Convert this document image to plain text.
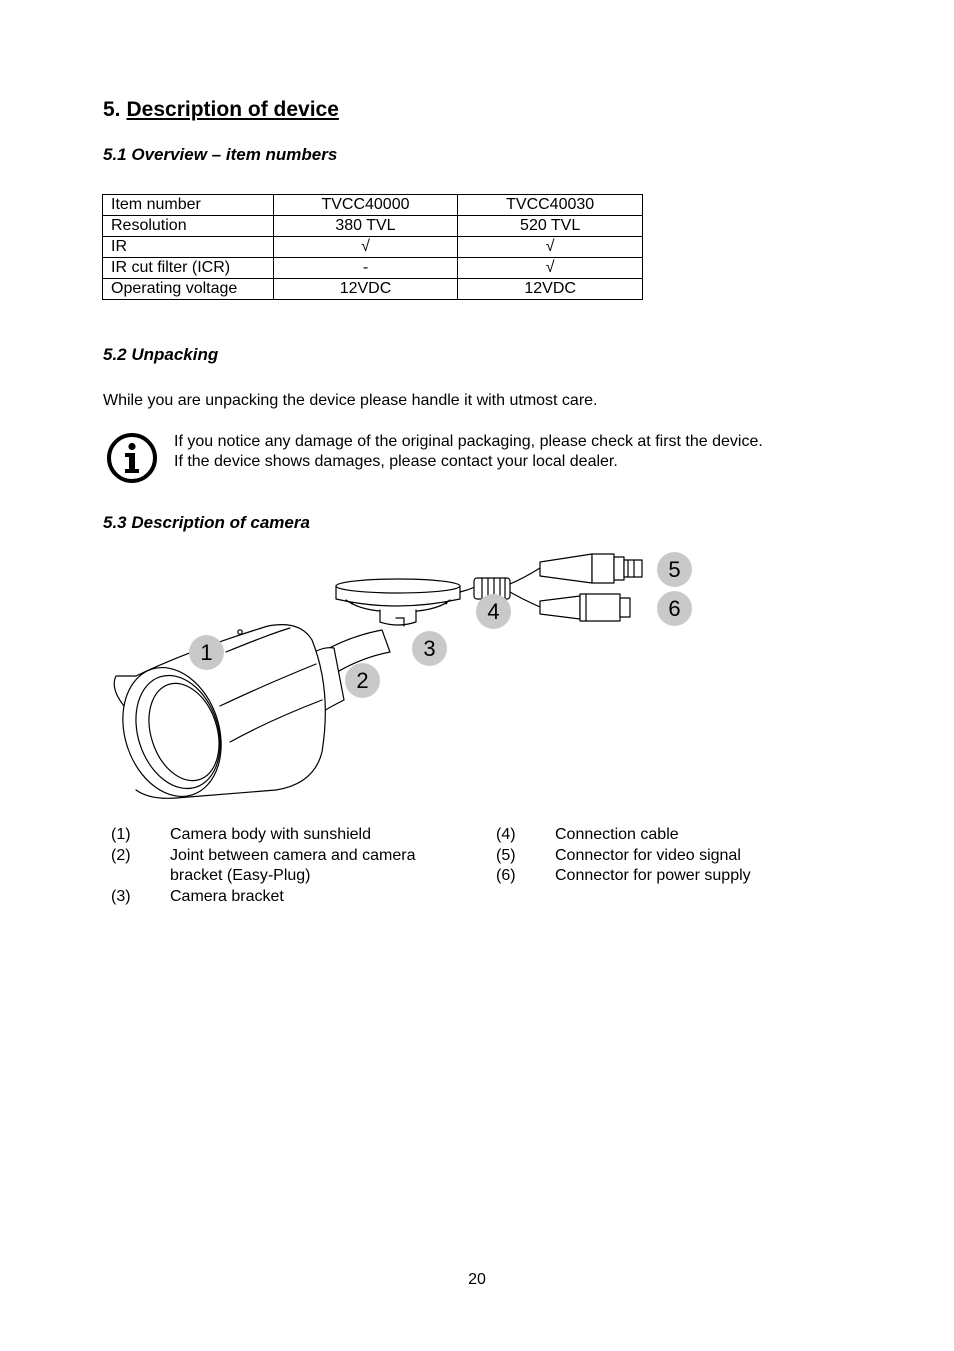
5. Description of device
5.1 Overview – item numbers
Item number	TVCC40000	TVCC40030
Resolution	380 TVL	520 TVL
IR	√	√
IR cut filter (ICR)	-	√
Operating voltage	12VDC	12VDC
5.2 Unpacking
While you are unpacking the device please handle it with utmost care.
If you notice any damage of the original packaging, please check at first the device.
If the device shows damages, please contact your local dealer.
5.3 Description of camera
1
2
3
4
5
6
(1) Camera body with sunshield
(2) Joint between camera and camera
bracket (Easy-Plug)
(3) Camera bracket
(4) Connection cable
(5) Connector for video signal
(6) Connector for power supply
20
